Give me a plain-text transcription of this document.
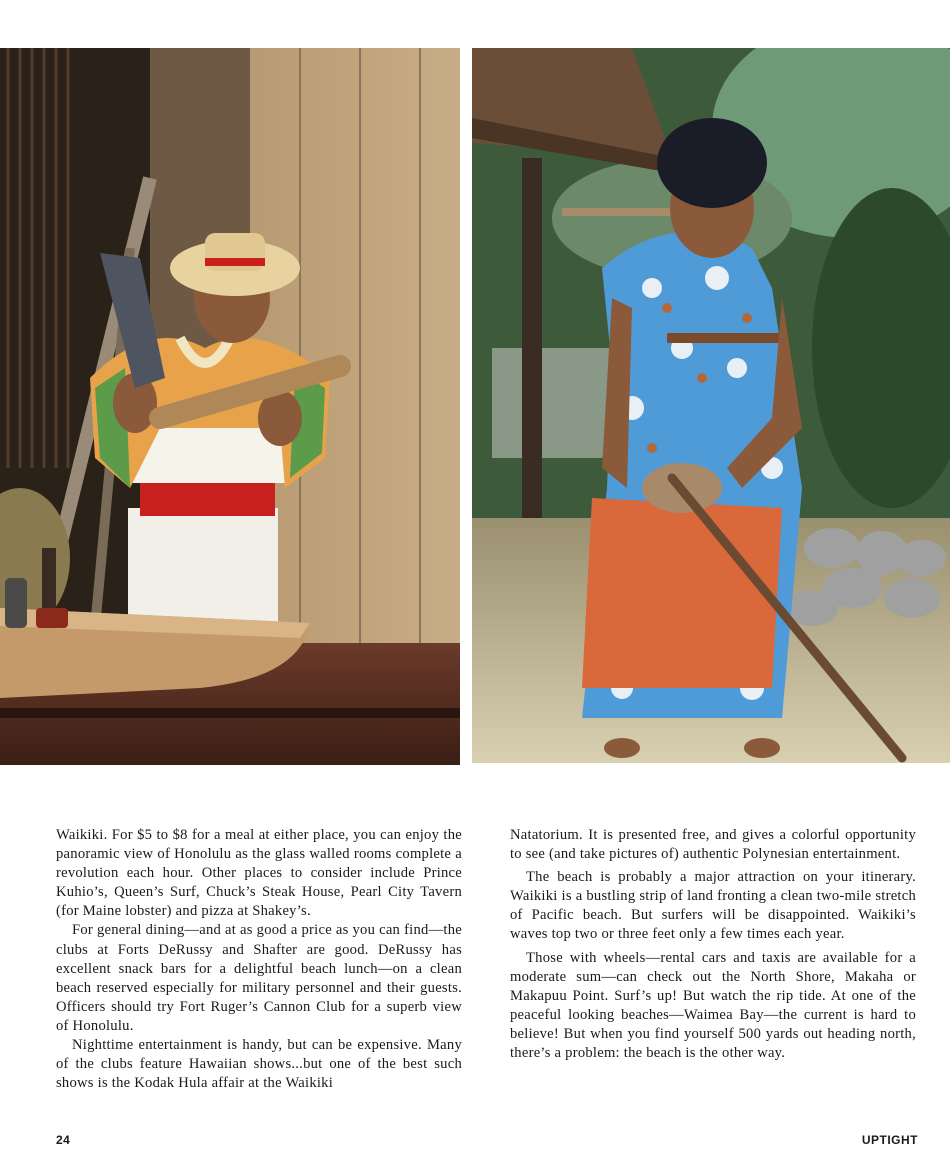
Waikiki. For $5 to $8 for a meal at either place, you can enjoy the panoramic view of Honolulu as the glass walled rooms complete a revolution each hour. Other places to consider include Prince Kuhio’s, Queen’s Surf, Chuck’s Steak House, Pearl City Tavern (for Maine lobster) and pizza at Shakey’s.

For general dining—and at as good a price as you can find—the clubs at Forts DeRussy and Shafter are good. DeRussy has excellent snack bars for a delightful beach lunch—on a clean beach reserved especially for military personnel and their guests. Officers should try Fort Ruger’s Cannon Club for a superb view of Honolulu.

Nighttime entertainment is handy, but can be expensive. Many of the clubs feature Hawaiian shows...but one of the best such shows is the Kodak Hula affair at the Waikiki

Natatorium. It is presented free, and gives a colorful opportunity to see (and take pictures of) authentic Polynesian entertainment.

The beach is probably a major attraction on your itinerary. Waikiki is a bustling strip of land fronting a clean two-mile stretch of Pacific beach. But surfers will be disappointed. Waikiki’s waves top two or three feet only a few times each year.

Those with wheels—rental cars and taxis are available for a moderate sum—can check out the North Shore, Makaha or Makapuu Point. Surf’s up! But watch the rip tide. At one of the peaceful looking beaches—Waimea Bay—the current is hard to believe! But when you find yourself 500 yards out heading north, there’s a problem: the beach is the other way.

24	UPTIGHT
